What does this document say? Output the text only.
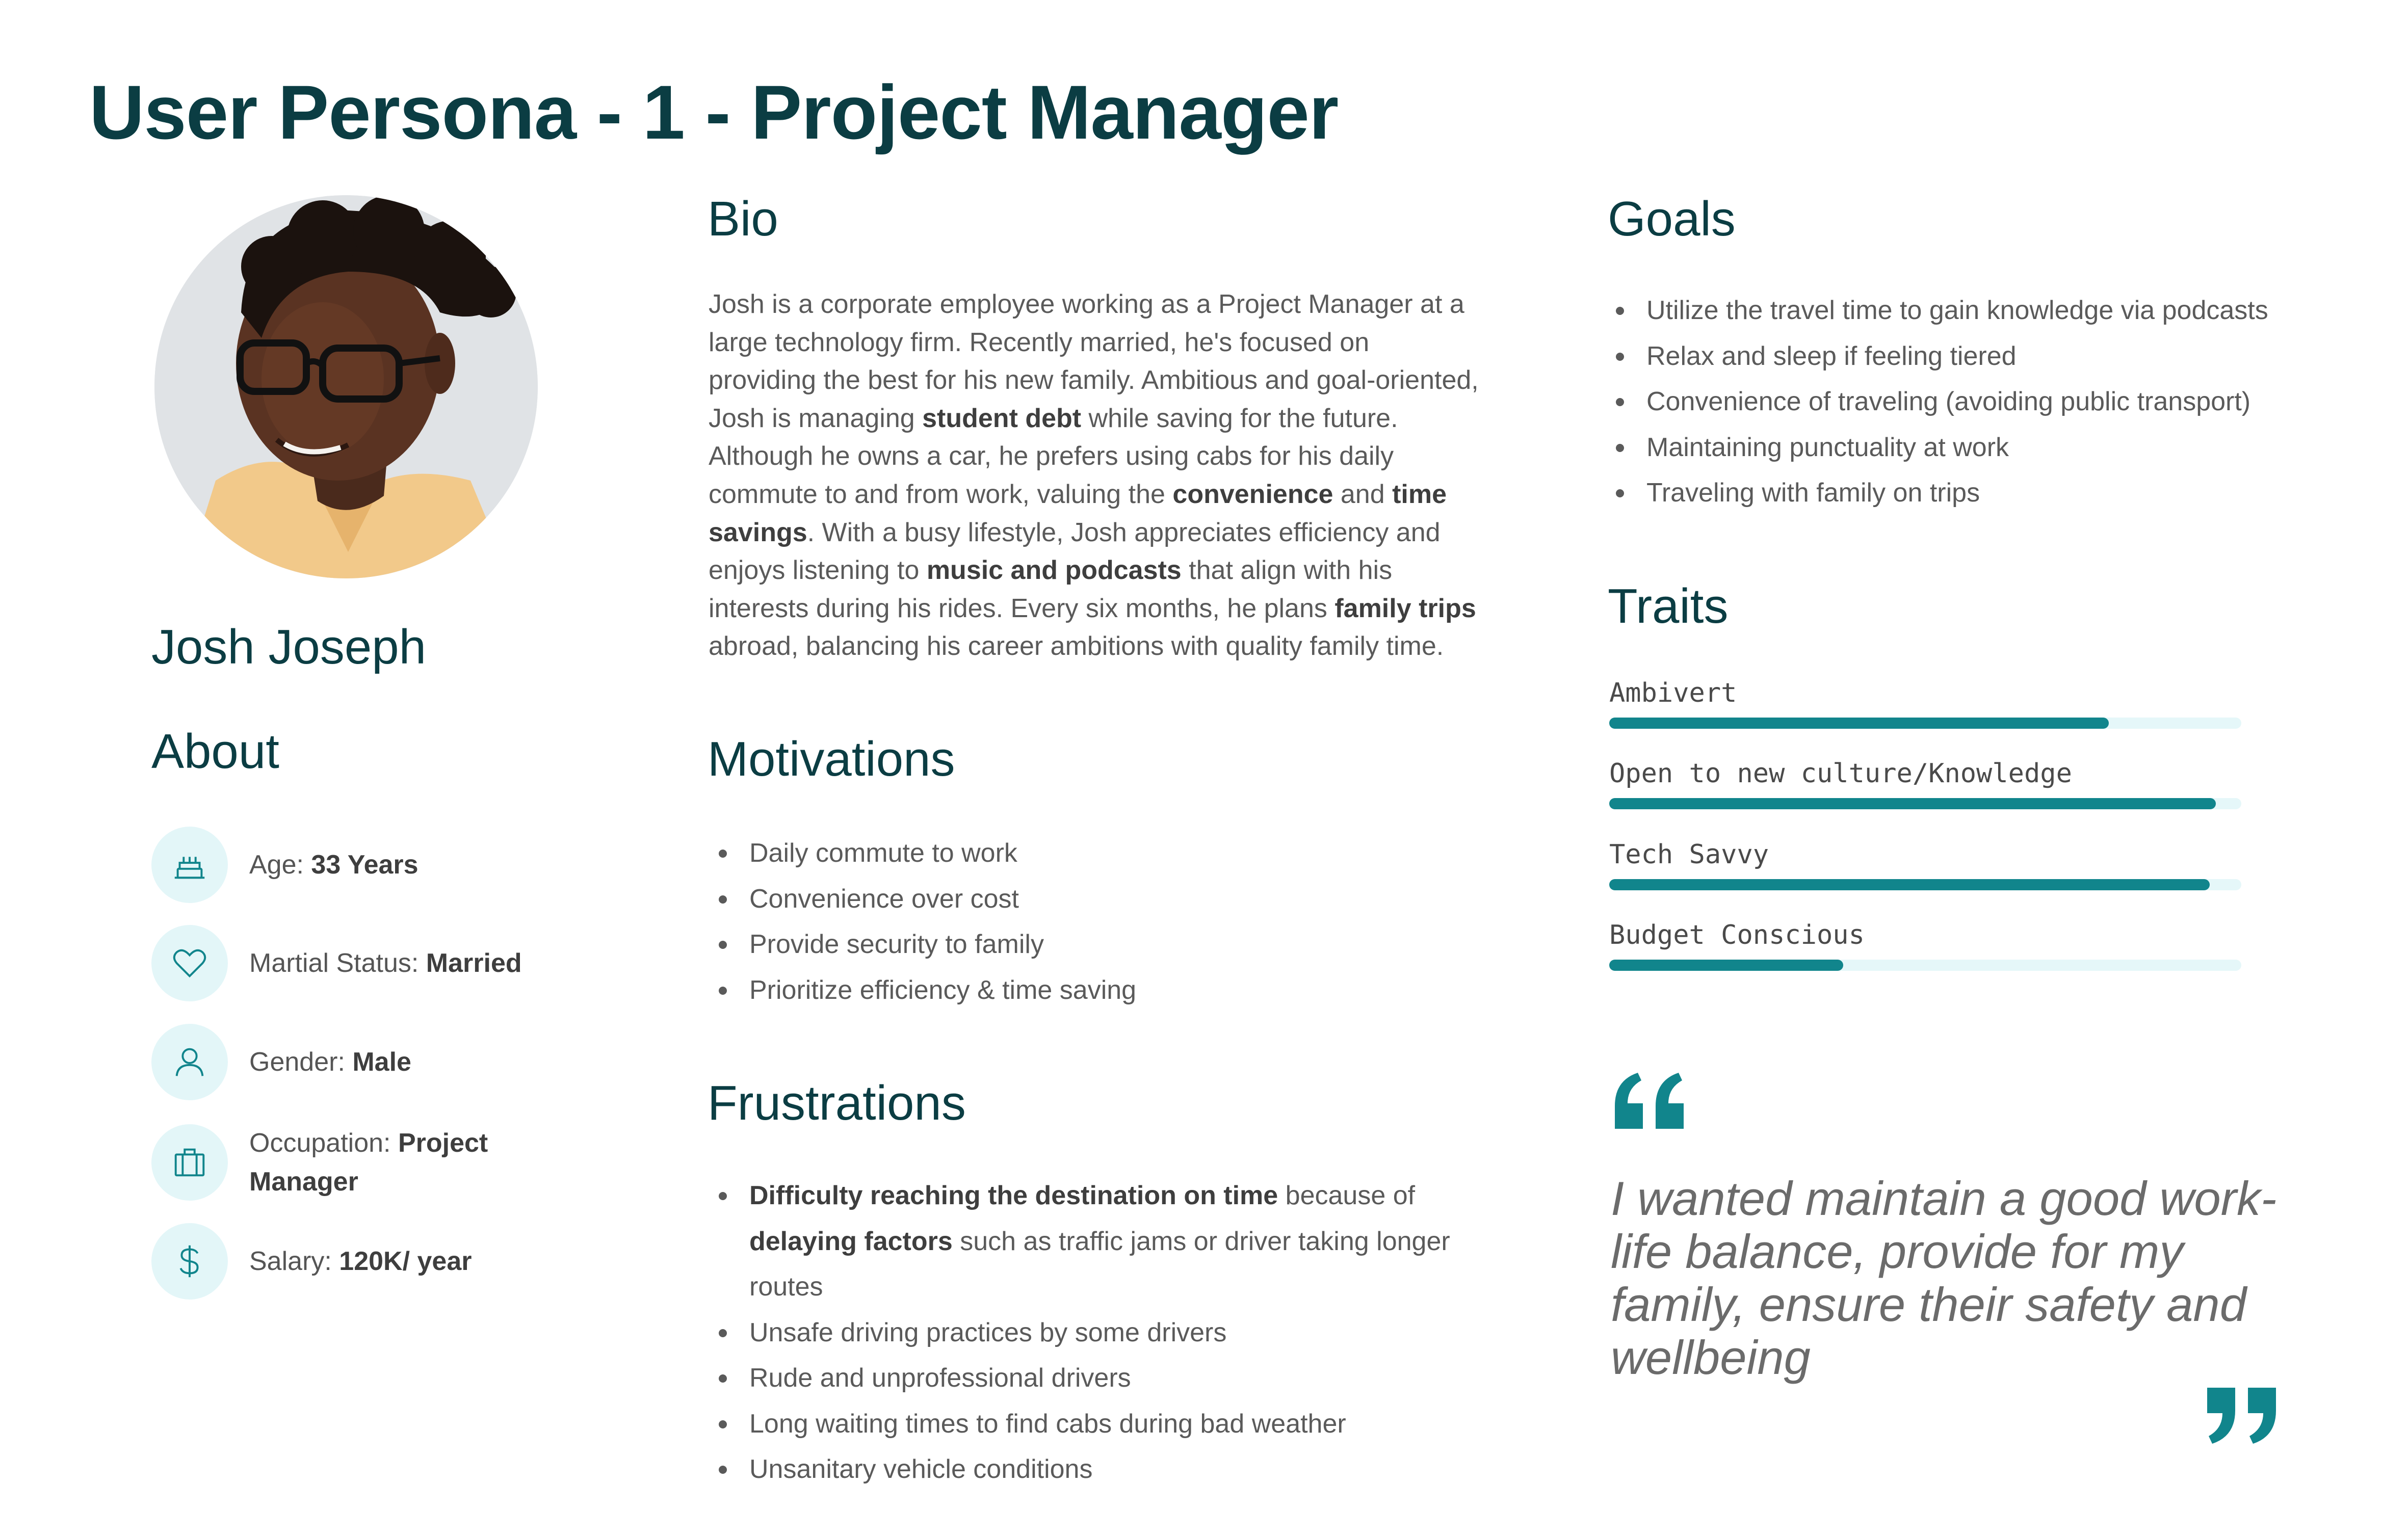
User Persona - 1 - Project Manager
Josh Joseph
About
Age: 33 Years
Martial Status: Married
Gender: Male
Occupation: Project Manager
Salary: 120K/ year
Bio
Josh is a corporate employee working as a Project Manager at a large technology firm. Recently married, he's focused on providing the best for his new family. Ambitious and goal-oriented, Josh is managing student debt while saving for the future. Although he owns a car, he prefers using cabs for his daily commute to and from work, valuing the convenience and time savings. With a busy lifestyle, Josh appreciates efficiency and enjoys listening to music and podcasts that align with his interests during his rides. Every six months, he plans family trips abroad, balancing his career ambitions with quality family time.
Motivations
Daily commute to work
Convenience over cost
Provide security to family
Prioritize efficiency & time saving
Frustrations
Difficulty reaching the destination on time because of delaying factors such as traffic jams or driver taking longer routes
Unsafe driving practices by some drivers
Rude and unprofessional drivers
Long waiting times to find cabs during bad weather
Unsanitary vehicle conditions
Goals
Utilize the travel time to gain knowledge via podcasts
Relax and sleep if feeling tiered
Convenience of traveling (avoiding public transport)
Maintaining punctuality at work
Traveling with family on trips
Traits
Ambivert
Open to new culture/Knowledge
Tech Savvy
Budget Conscious
I wanted maintain a good work-life balance, provide for my family, ensure their safety and wellbeing
